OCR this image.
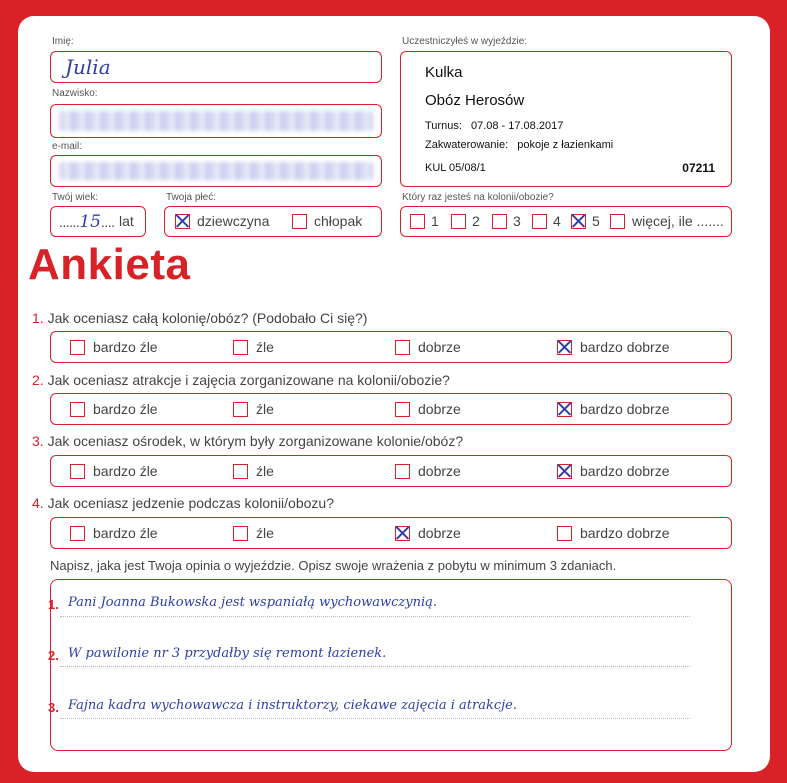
Imię:
Julia
Nazwisko:
e-mail:
Twój wiek:
......15.... lat
Twoja płeć:
dziewczyna	chłopak
Uczestniczyłeś w wyjeździe:
Kulka
Obóz Herosów
Turnus: 07.08 - 17.08.2017
Zakwaterowanie: pokoje z łazienkami
KUL 05/08/1	07211
Który raz jesteś na kolonii/obozie?
1 2 3 4 5 więcej, ile .......
Ankieta
1. Jak oceniasz całą kolonię/obóz? (Podobało Ci się?)
bardzo źle	źle	dobrze	bardzo dobrze
2. Jak oceniasz atrakcje i zajęcia zorganizowane na kolonii/obozie?
bardzo źle	źle	dobrze	bardzo dobrze
3. Jak oceniasz ośrodek, w którym były zorganizowane kolonie/obóz?
bardzo źle	źle	dobrze	bardzo dobrze
4. Jak oceniasz jedzenie podczas kolonii/obozu?
bardzo źle	źle	dobrze	bardzo dobrze
Napisz, jaka jest Twoja opinia o wyjeździe. Opisz swoje wrażenia z pobytu w minimum 3 zdaniach.
1. Pani Joanna Bukowska jest wspaniałą wychowawczynią.
2. W pawilonie nr 3 przydałby się remont łazienek.
3. Fajna kadra wychowawcza i instruktorzy, ciekawe zajęcia i atrakcje.
